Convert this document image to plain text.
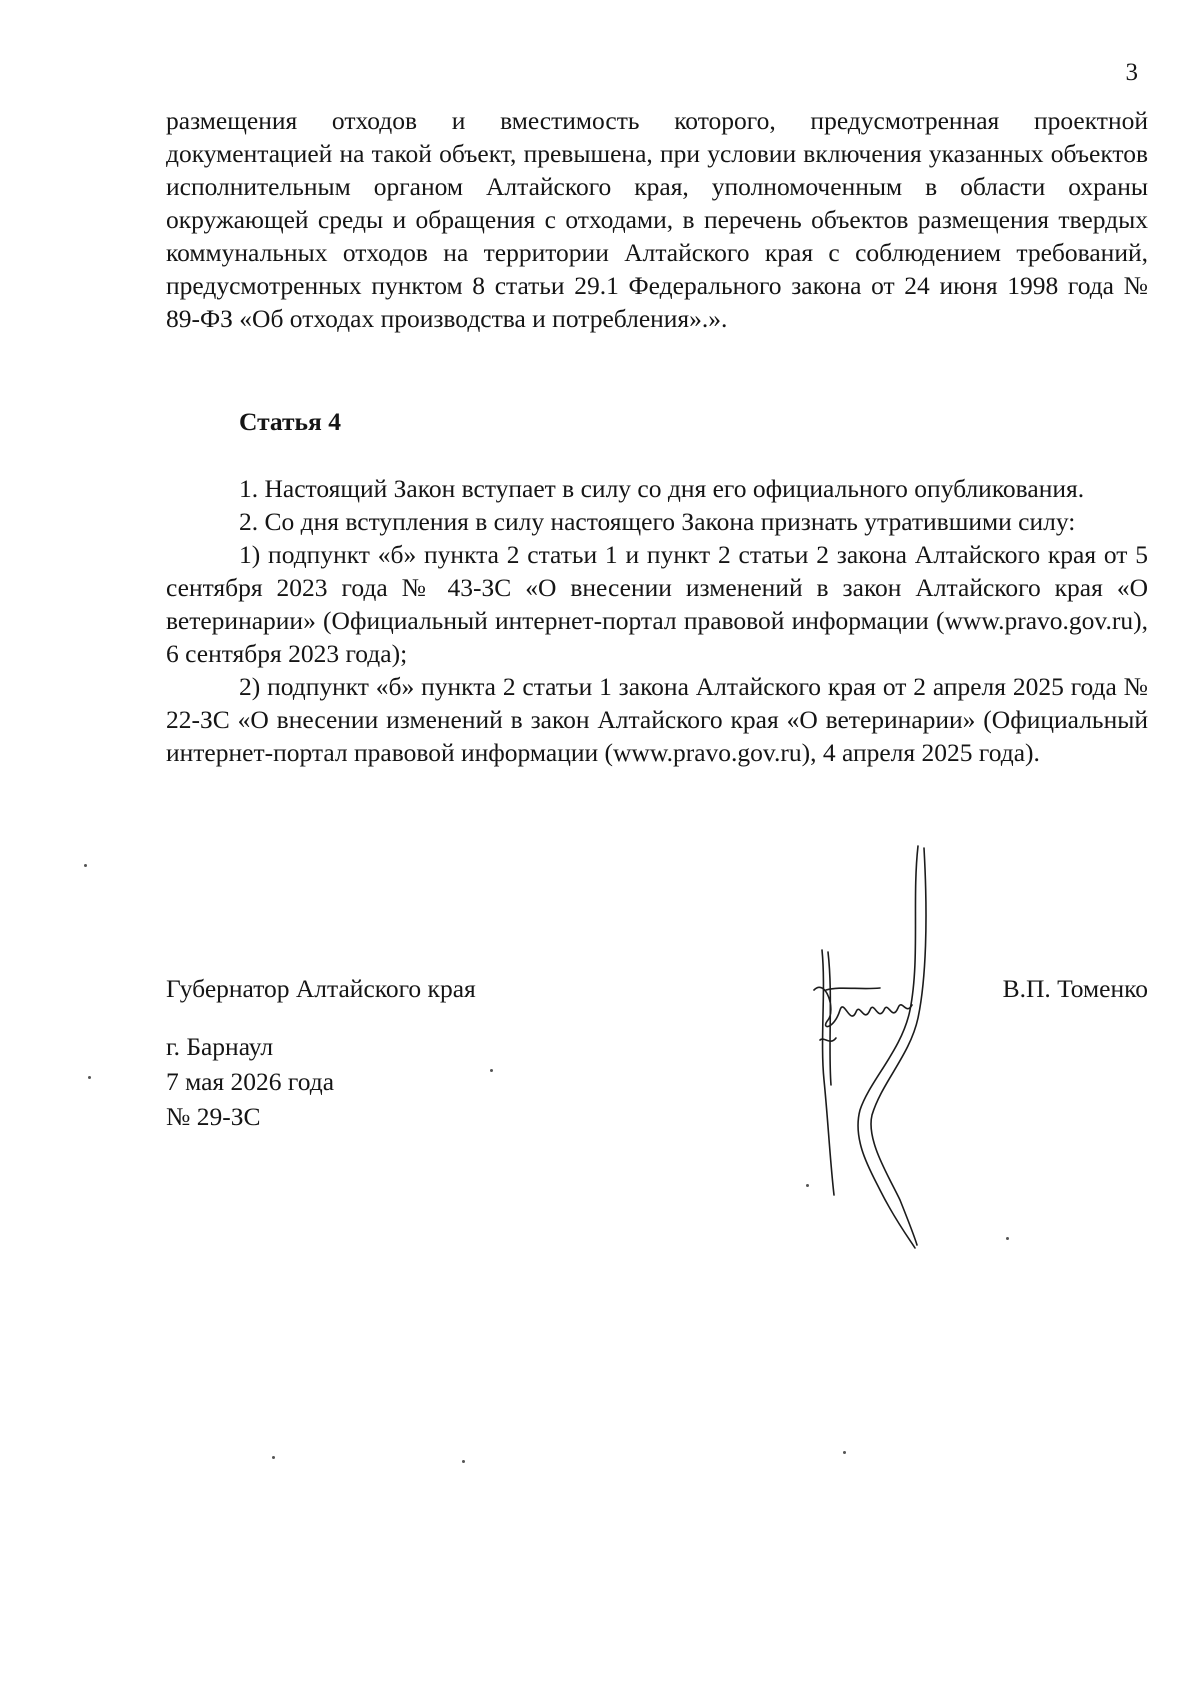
3

размещения отходов и вместимость которого, предусмотренная проектной документацией на такой объект, превышена, при условии включения указанных объектов исполнительным органом Алтайского края, уполномоченным в области охраны окружающей среды и обращения с отходами, в перечень объектов размещения твердых коммунальных отходов на территории Алтайского края с соблюдением требований, предусмотренных пунктом 8 статьи 29.1 Федерального закона от 24 июня 1998 года № 89-ФЗ «Об отходах производства и потребления».».

Статья 4

1. Настоящий Закон вступает в силу со дня его официального опубликования.

2. Со дня вступления в силу настоящего Закона признать утратившими силу:

1) подпункт «б» пункта 2 статьи 1 и пункт 2 статьи 2 закона Алтайского края от 5 сентября 2023 года № 43-ЗС «О внесении изменений в закон Алтайского края «О ветеринарии» (Официальный интернет-портал правовой информации (www.pravo.gov.ru), 6 сентября 2023 года);

2) подпункт «б» пункта 2 статьи 1 закона Алтайского края от 2 апреля 2025 года № 22-ЗС «О внесении изменений в закон Алтайского края «О ветеринарии» (Официальный интернет-портал правовой информации (www.pravo.gov.ru), 4 апреля 2025 года).

Губернатор Алтайского края	В.П. Томенко
г. Барнаул
7 мая 2026 года
№ 29-ЗС
